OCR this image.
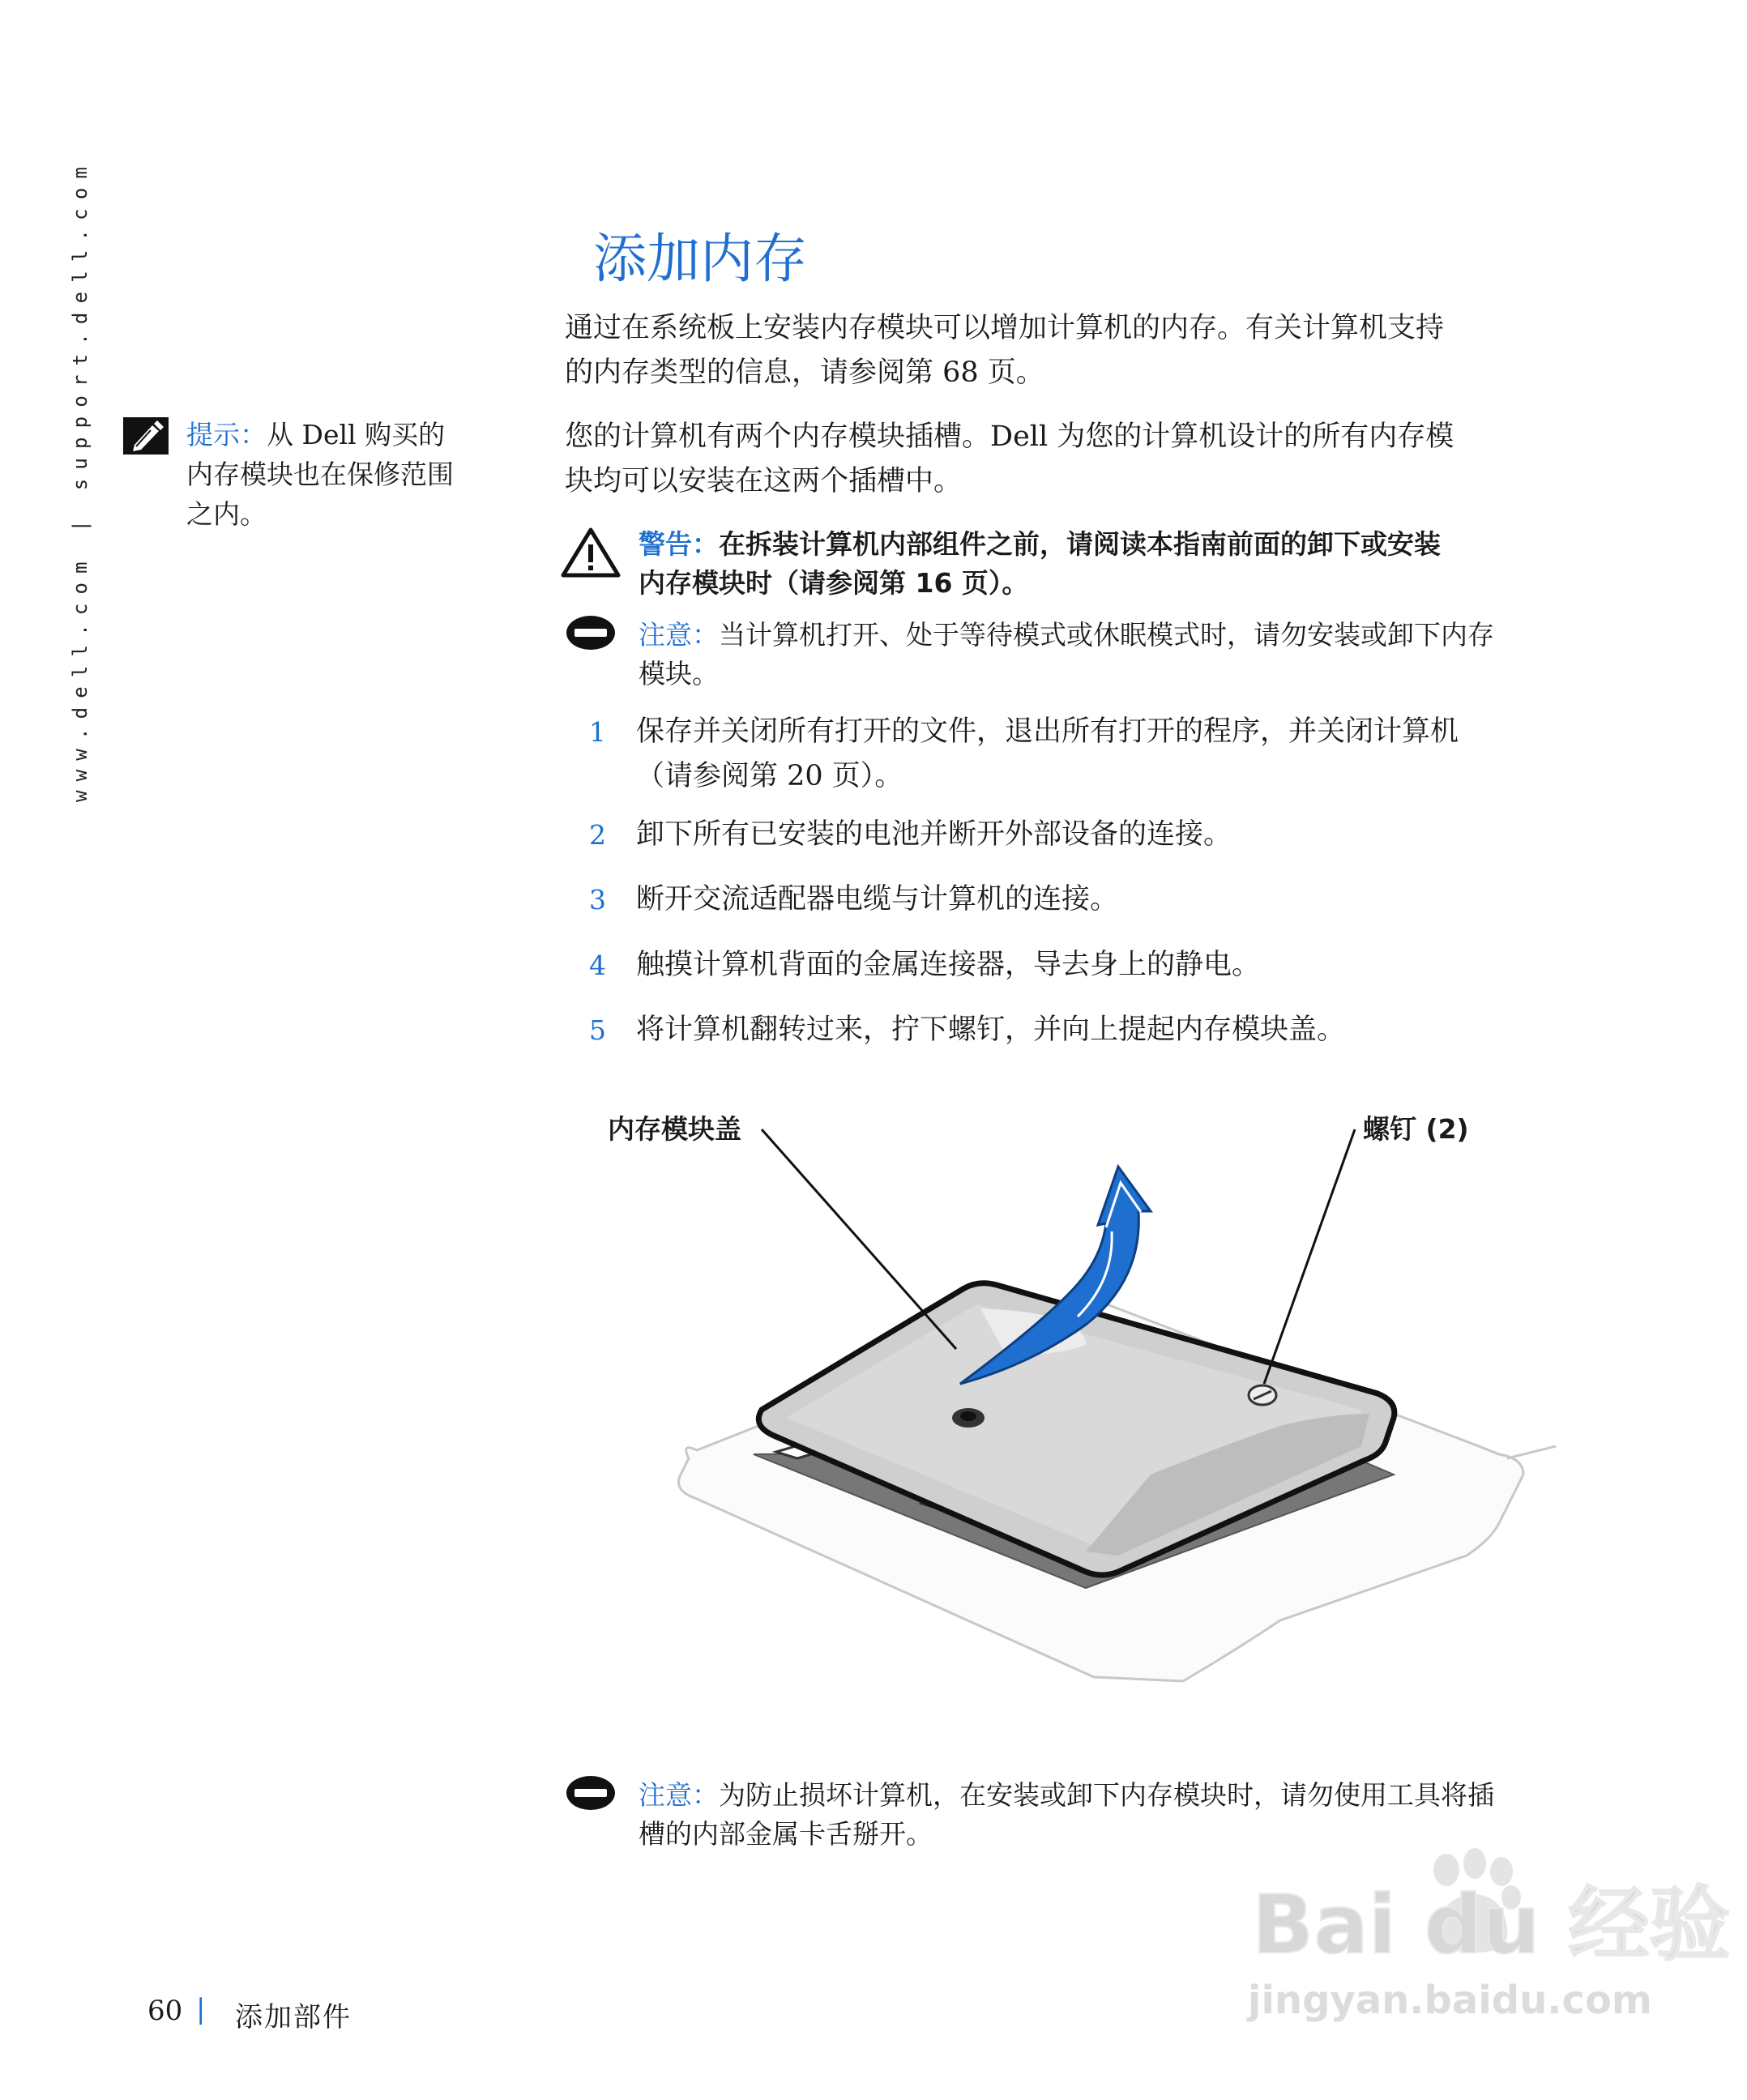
www.dell.com | support.dell.com	添加内存
通过在系统板上安装内存模块可以增加计算机的内存。有关计算机支持
的内存类型的信息，请参阅第 68 页。
您的计算机有两个内存模块插槽。Dell 为您的计算机设计的所有内存模
块均可以安装在这两个插槽中。
提示：从 Dell 购买的
内存模块也在保修范围
之内。
警告：在拆装计算机内部组件之前，请阅读本指南前面的卸下或安装
内存模块时（请参阅第 16 页）。
注意：当计算机打开、处于等待模式或休眠模式时，请勿安装或卸下内存
模块。
1 保存并关闭所有打开的文件，退出所有打开的程序，并关闭计算机
（请参阅第 20 页）。
2 卸下所有已安装的电池并断开外部设备的连接。
3 断开交流适配器电缆与计算机的连接。
4 触摸计算机背面的金属连接器，导去身上的静电。
5 将计算机翻转过来，拧下螺钉，并向上提起内存模块盖。
内存模块盖	螺钉 (2)
注意：为防止损坏计算机，在安装或卸下内存模块时，请勿使用工具将插
槽的内部金属卡舌掰开。
60 | 添加部件
Bai du 经验
jingyan.baidu.com
